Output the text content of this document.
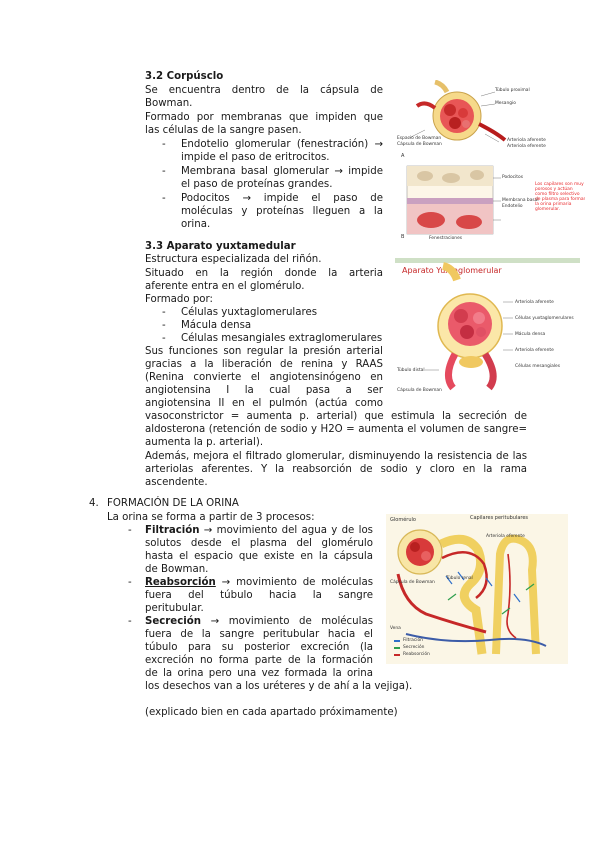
3.2 Corpúsclo
Se encuentra dentro de la cápsula de
Bowman.
Formado por membranas que impiden que
las células de la sangre pasen.
- Endotelio glomerular (fenestración) →
impide el paso de eritrocitos.
- Membrana basal glomerular → impide
el paso de proteínas grandes.
- Podocitos → impide el paso de
moléculas y proteínas lleguen a la
orina.
Túbulo proximal
Mesangio
Arteriola aferente
Arteriola eferente
Espacio de Bowman
Cápsula de Bowman
Podocitos
Membrana basal
Endotelio
Fenestraciones
A
B
Los capilares son muy
porosos y actúan
como filtro selectivo
de plasma para formar
la orina primaria
glomerular.
3.3 Aparato yuxtamedular
Estructura especializada del riñón.
Situado en la región donde la arteria
aferente entra en el glomérulo.
Formado por:
- Células yuxtaglomerulares
- Mácula densa
- Células mesangiales extraglomerulares
Sus funciones son regular la presión arterial
gracias a la liberación de renina y RAAS
(Renina convierte el angiotensinógeno en
angiotensina I la cual pasa a ser
angiotensina II en el pulmón (actúa como
vasoconstrictor = aumenta p. arterial) que estimula la secreción de
aldosterona (retención de sodio y H2O = aumenta el volumen de sangre=
aumenta la p. arterial).
Además, mejora el filtrado glomerular, disminuyendo la resistencia de las
arteriolas aferentes. Y la reabsorción de sodio y cloro en la rama
ascendente.
Aparato Yuxtaglomerular
Arteriola aferente
Células yuxtaglomerulares
Mácula densa
Arteriola eferente
Células mesangiales
Túbulo distal
Cápsula de Bowman
4. FORMACIÓN DE LA ORINA
La orina se forma a partir de 3 procesos:
- Filtración → movimiento del agua y de los
solutos desde el plasma del glomérulo
hasta el espacio que existe en la cápsula
de Bowman.
- Reabsorción → movimiento de moléculas
fuera del túbulo hacia la sangre
peritubular.
- Secreción → movimiento de moléculas
fuera de la sangre peritubular hacia el
túbulo para su posterior excreción (la
excreción no forma parte de la formación
de la orina pero una vez formada la orina
los desechos van a los uréteres y de ahí a la vejiga).
(explicado bien en cada apartado próximamente)
Glomérulo	Capilares peritubulares
Arteriola eferente
Cápsula de Bowman
Túbulo renal
Vena
Filtración
Secreción
Reabsorción
